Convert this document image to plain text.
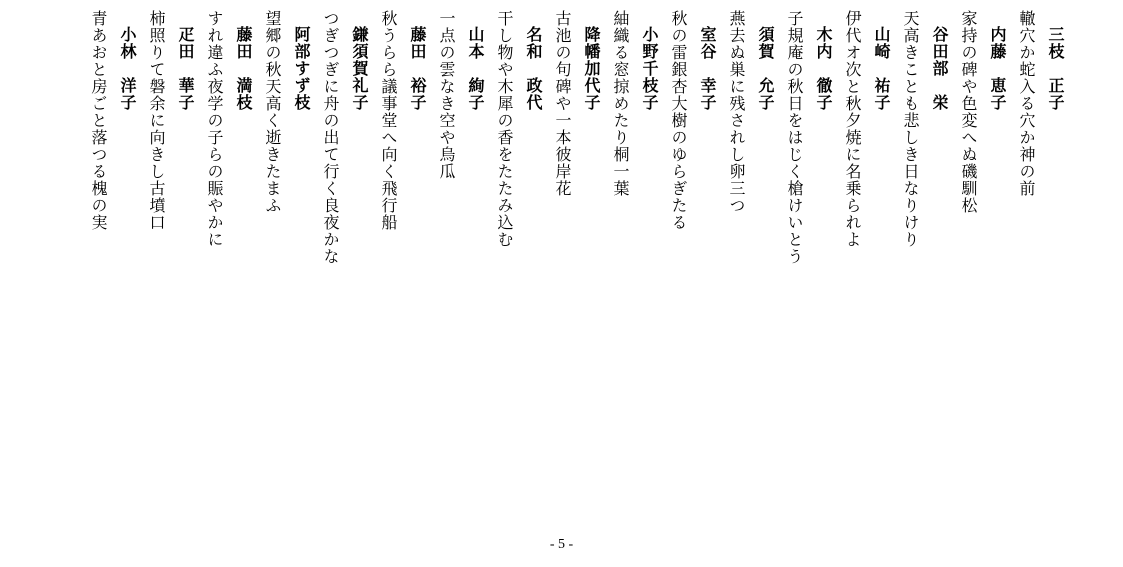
三枝　正子
轍穴か蛇入る穴か神の前
内藤　恵子
家持の碑や色変へぬ磯馴松
谷田部　栄
天高きことも悲しき日なりけり
山崎　祐子
伊代オ次と秋夕焼に名乗られよ
木内　徹子
子規庵の秋日をはじく槍けいとう
須賀　允子
燕去ぬ巣に残されし卵三つ
室谷　幸子
秋の雷銀杏大樹のゆらぎたる
小野千枝子
紬織る窓掠めたり桐一葉
降幡加代子
古池の句碑や一本彼岸花
名和　政代
干し物や木犀の香をたたみ込む
山本　絢子
一点の雲なき空や烏瓜
藤田　裕子
秋うらら議事堂へ向く飛行船
鎌須賀礼子
つぎつぎに舟の出て行く良夜かな
阿部すず枝
望郷の秋天高く逝きたまふ
藤田　満枝
すれ違ふ夜学の子らの賑やかに
疋田　華子
柿照りて磐余に向きし古墳口
小林　洋子
青あおと房ごと落つる槐の実
- 5 -
